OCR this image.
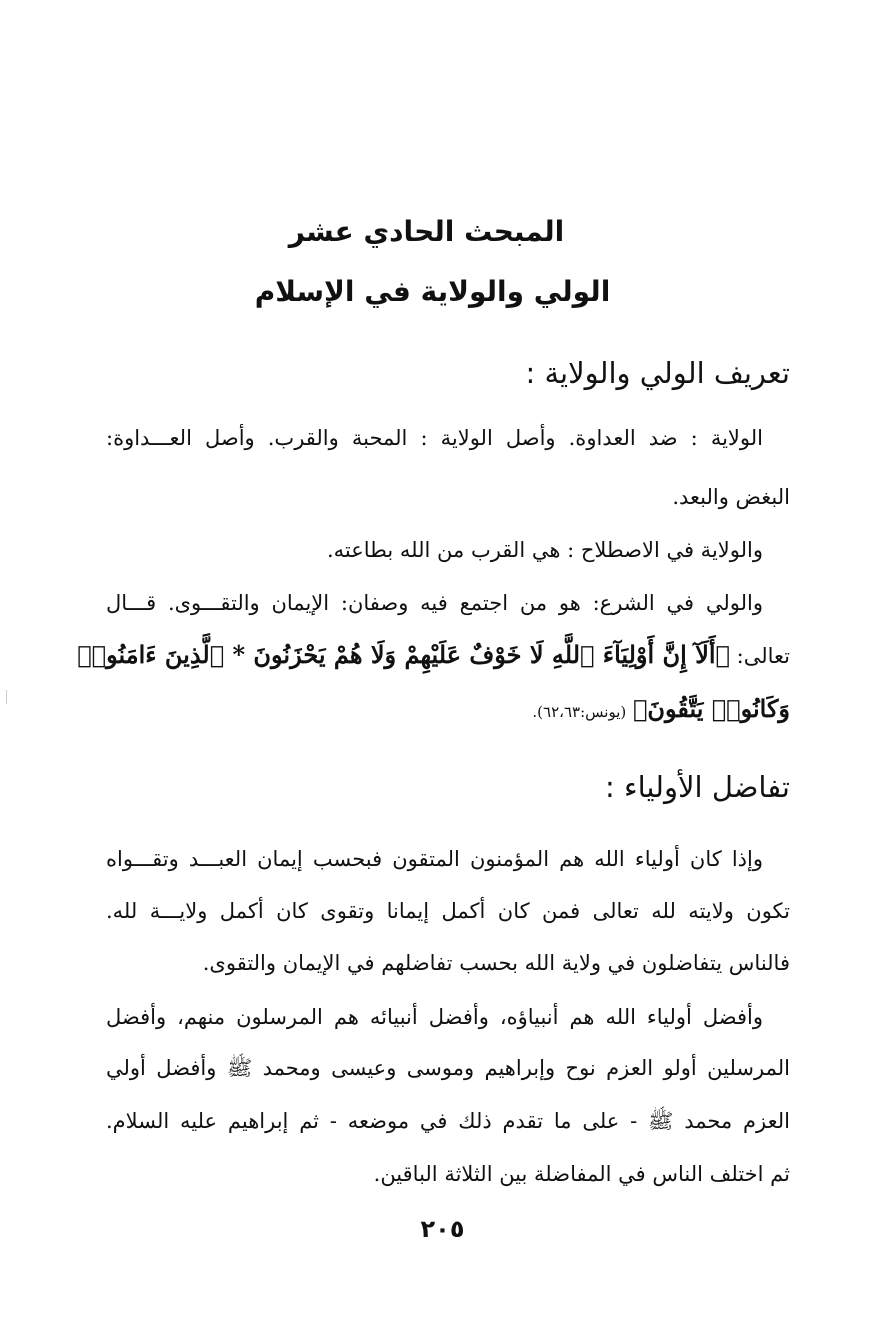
المبحث الحادي عشر
الولي والولاية في الإسلام
تعريف الولي والولاية :
الولاية : ضد العداوة. وأصل الولاية : المحبة والقرب. وأصل العـــداوة:
البغض والبعد.
والولاية في الاصطلاح : هي القرب من الله بطاعته.
والولي في الشرع: هو من اجتمع فيه وصفان: الإيمان والتقـــوى. قـــال
تعالى: ﴿أَلَآ إِنَّ أَوْلِيَآءَ ٱللَّهِ لَا خَوْفٌ عَلَيْهِمْ وَلَا هُمْ يَحْزَنُونَ * ٱلَّذِينَ ءَامَنُوا۟
وَكَانُوا۟ يَتَّقُونَ﴾ (يونس:٦٢،٦٣).
تفاضل الأولياء :
وإذا كان أولياء الله هم المؤمنون المتقون فبحسب إيمان العبـــد وتقـــواه
تكون ولايته لله تعالى فمن كان أكمل إيمانا وتقوى كان أكمل ولايـــة لله.
فالناس يتفاضلون في ولاية الله بحسب تفاضلهم في الإيمان والتقوى.
وأفضل أولياء الله هم أنبياؤه، وأفضل أنبيائه هم المرسلون منهم، وأفضل
المرسلين أولو العزم نوح وإبراهيم وموسى وعيسى ومحمد ﷺ وأفضل أولي
العزم محمد ﷺ - على ما تقدم ذلك في موضعه - ثم إبراهيم عليه السلام.
ثم اختلف الناس في المفاضلة بين الثلاثة الباقين.
٢٠٥
